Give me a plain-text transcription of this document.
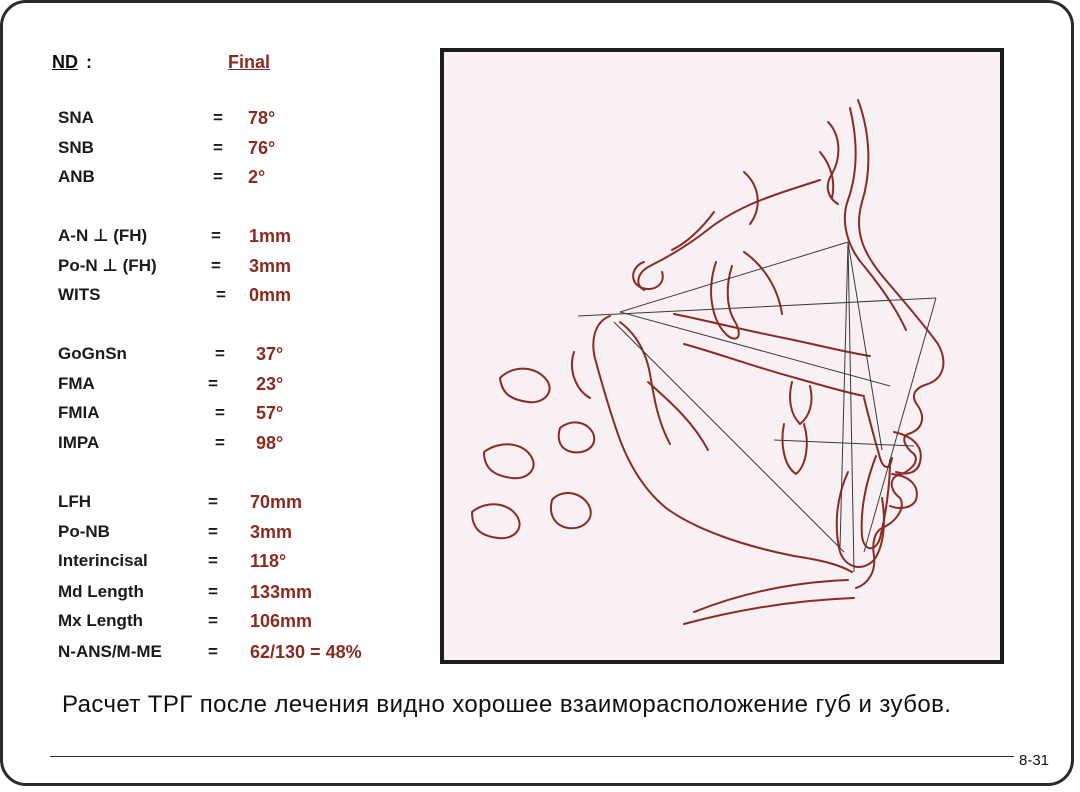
ND :	Final
SNA	= 78°
SNB	= 76°
ANB	= 2°
A-N ⊥ (FH)	= 1mm
Po-N ⊥ (FH)	= 3mm
WITS	= 0mm
GoGnSn	= 37°
FMA	= 23°
FMIA	= 57°
IMPA	= 98°
LFH	= 70mm
Po-NB	= 3mm
Interincisal	= 118°
Md Length	= 133mm
Mx Length	= 106mm
N-ANS/M-ME	= 62/130 = 48%

Расчет ТРГ после лечения видно хорошее взаиморасположение губ и зубов.

8-31
